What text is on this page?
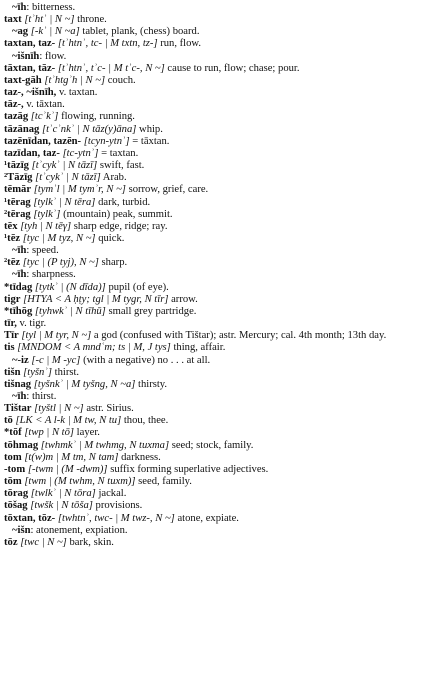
~īh: bitterness.

taxt [tʾhtʾ | N ~] throne.

~ag [-kʾ | N ~a] tablet, plank, (chess) board.

taxtan, taz- [tʾhtnʾ, tc- | M txtn, tz-] run, flow.

~išnīh: flow.

tāxtan, tāz- [tʾhtnʾ, tʾc- | M tʾc-, N ~] cause to run, flow; chase; pour.

taxt-gāh [tʾhtgʾh | N ~] couch.

taz-, ~išnīh, v. taxtan.

tāz-, v. tāxtan.

tazāg [tcʾkʾ] flowing, running.

tāzānag [tʾcʾnkʾ | N tāz(y)āna] whip.

tazēnīdan, tazēn- [tcyn-ytnʾ] = tāxtan.

tazīdan, taz- [tc-ytnʾ] = taxtan.

¹tāzīg [tʾcykʾ | N tāzī] swift, fast.

²Tāzīg [tʾcykʾ | N tāzī] Arab.

tēmār [tymʾl | M tymʾr, N ~] sorrow, grief, care.

¹tērag [tylkʾ | N tēra] dark, turbid.

²tērag [tylkʾ] (mountain) peak, summit.

tēx [tyh | N tēγ] sharp edge, ridge; ray.

¹tēz [tyc | M tyz, N ~] quick.

~īh: speed.

²tēz [tyc | (P tyj), N ~] sharp.

~īh: sharpness.

*tīdag [tytkʾ | (N dīda)] pupil (of eye).

tigr [HTYA < A ḥṭy; tgl | M tygr, N tīr] arrow.

*tīhōg [tyhwkʾ | N tīhū] small grey partridge.

tīr, v. tigr.

Tīr [tyl | M tyr, N ~] a god (confused with Tištar); astr. Mercury; cal. 4th month; 13th day.

tis [MNDOM < A mndʿm; ts | M, J tys] thing, affair.

~-iz [-c | M -yc] (with a negative) no . . . at all.

tišn [tyšnʾ] thirst.

tišnag [tyšnkʾ | M tyšng, N ~a] thirsty.

~īh: thirst.

Tištar [tyštl | N ~] astr. Sirius.

tō [LK < A l-k | M tw, N tu] thou, thee.

*tōf [twp | N tō] layer.

tōhmag [twhmkʾ | M twhmg, N tuxma] seed; stock, family.

tom [t(w)m | M tm, N tam] darkness.

-tom [-twm | (M -dwm)] suffix forming superlative adjectives.

tōm [twm | (M twhm, N tuxm)] seed, family.

tōrag [twlkʾ | N tōra] jackal.

tōšag [twšk | N tōša] provisions.

tōxtan, tōz- [twhtnʾ, twc- | M twz-, N ~] atone, expiate.

~išn: atonement, expiation.

tōz [twc | N ~] bark, skin.
